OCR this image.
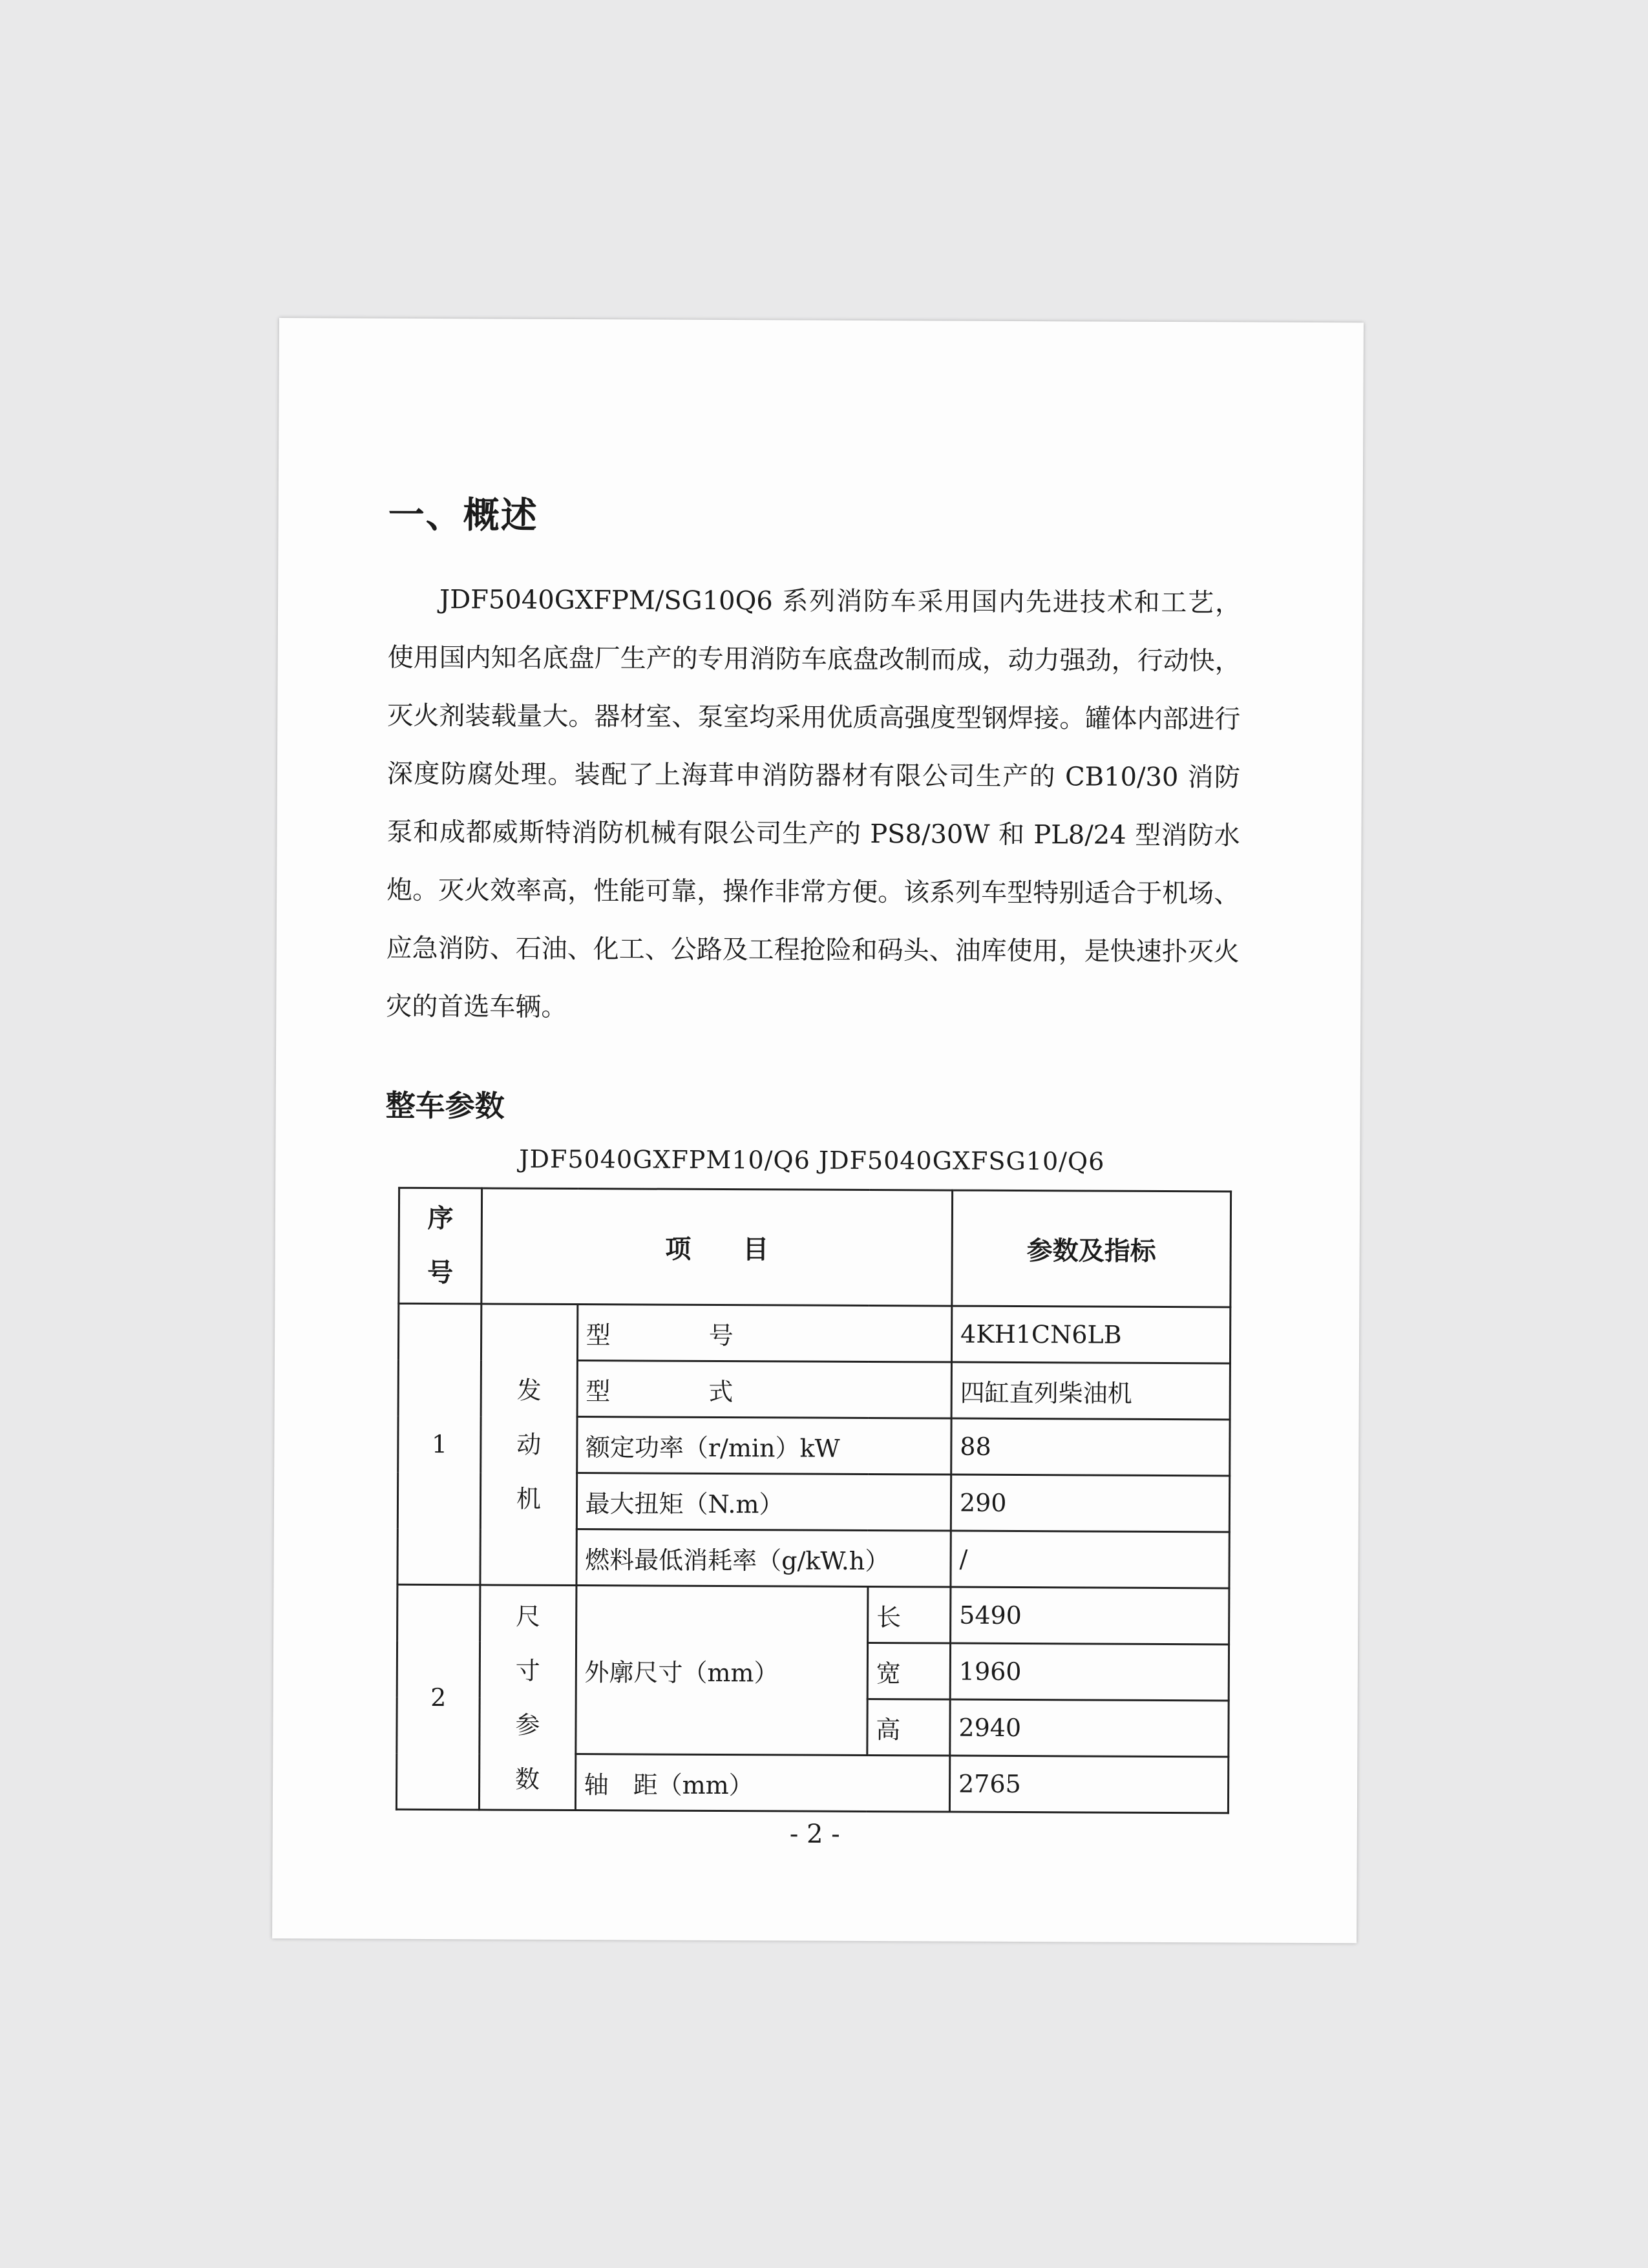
一、概述

JDF5040GXFPM/SG10Q6 系列消防车采用国内先进技术和工艺，使用国内知名底盘厂生产的专用消防车底盘改制而成，动力强劲，行动快，灭火剂装载量大。器材室、泵室均采用优质高强度型钢焊接。罐体内部进行深度防腐处理。装配了上海茸申消防器材有限公司生产的 CB10/30 消防泵和成都威斯特消防机械有限公司生产的 PS8/30W 和 PL8/24 型消防水炮。灭火效率高，性能可靠，操作非常方便。该系列车型特别适合于机场、应急消防、石油、化工、公路及工程抢险和码头、油库使用，是快速扑灭火灾的首选车辆。

整车参数

JDF5040GXFPM10/Q6 JDF5040GXFSG10/Q6

序号	项　　目			参数及指标
1	发动机	型　　　　号		4KH1CN6LB
		型　　　　式		四缸直列柴油机
		额定功率（r/min）kW		88
		最大扭矩（N.m）		290
		燃料最低消耗率（g/kW.h）		/
2	尺寸参数	外廓尺寸（mm）	长	5490
			宽	1960
			高	2940
		轴　距（mm）		2765
- 2 -
